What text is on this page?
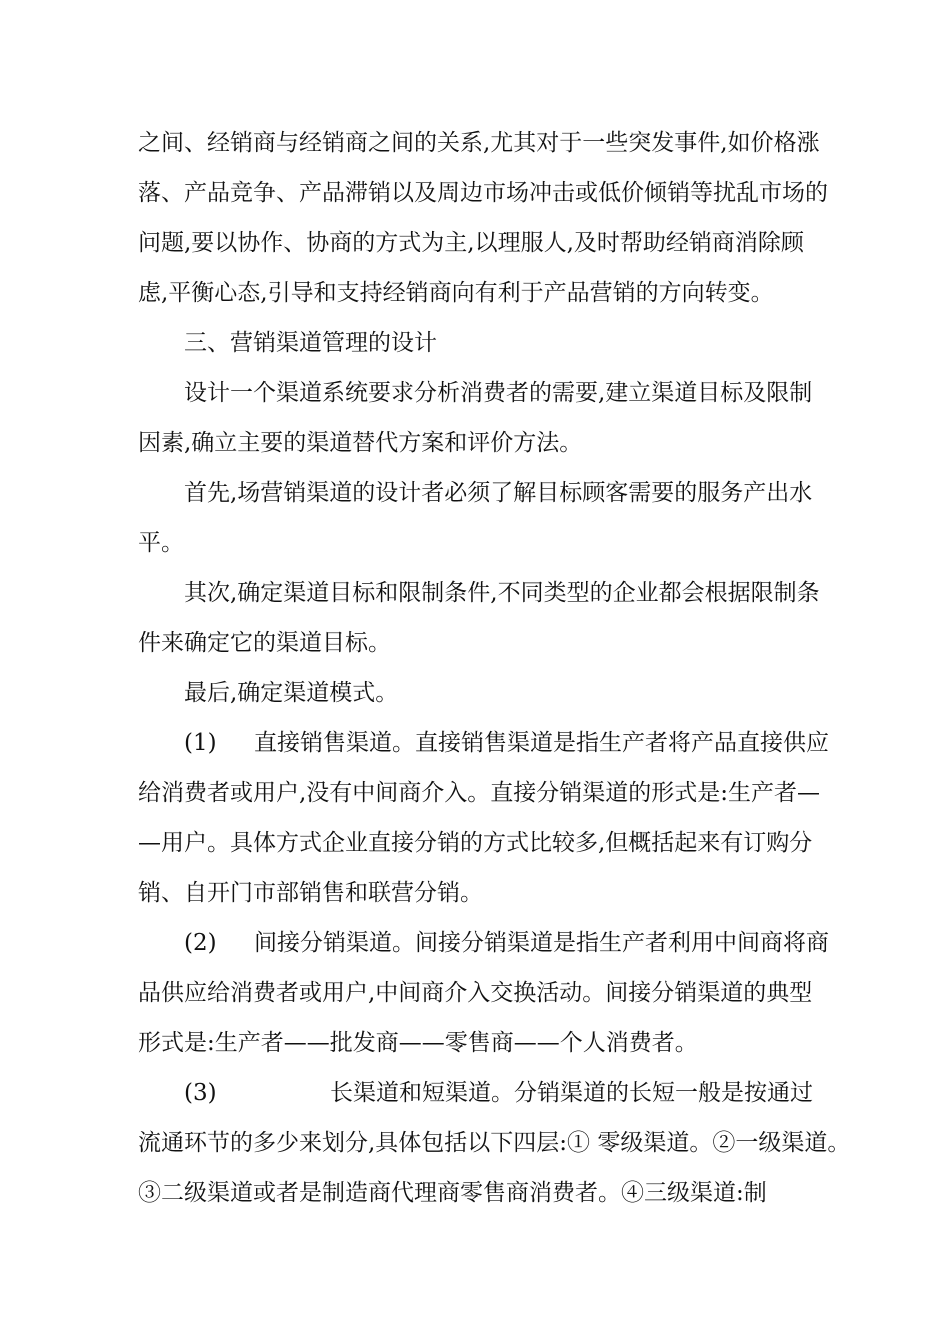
之间、经销商与经销商之间的关系,尤其对于一些突发事件,如价格涨
落、产品竞争、产品滞销以及周边市场冲击或低价倾销等扰乱市场的
问题,要以协作、协商的方式为主,以理服人,及时帮助经销商消除顾
虑,平衡心态,引导和支持经销商向有利于产品营销的方向转变。
三、营销渠道管理的设计
设计一个渠道系统要求分析消费者的需要,建立渠道目标及限制
因素,确立主要的渠道替代方案和评价方法。
首先,场营销渠道的设计者必须了解目标顾客需要的服务产出水
平。
其次,确定渠道目标和限制条件,不同类型的企业都会根据限制条
件来确定它的渠道目标。
最后,确定渠道模式。
(1) 直接销售渠道。直接销售渠道是指生产者将产品直接供应
给消费者或用户,没有中间商介入。直接分销渠道的形式是:生产者—
—用户。具体方式企业直接分销的方式比较多,但概括起来有订购分
销、自开门市部销售和联营分销。
(2) 间接分销渠道。间接分销渠道是指生产者利用中间商将商
品供应给消费者或用户,中间商介入交换活动。间接分销渠道的典型
形式是:生产者——批发商——零售商——个人消费者。
(3)	长渠道和短渠道。分销渠道的长短一般是按通过
流通环节的多少来划分,具体包括以下四层:① 零级渠道。②一级渠道。
③二级渠道或者是制造商代理商零售商消费者。④三级渠道:制
